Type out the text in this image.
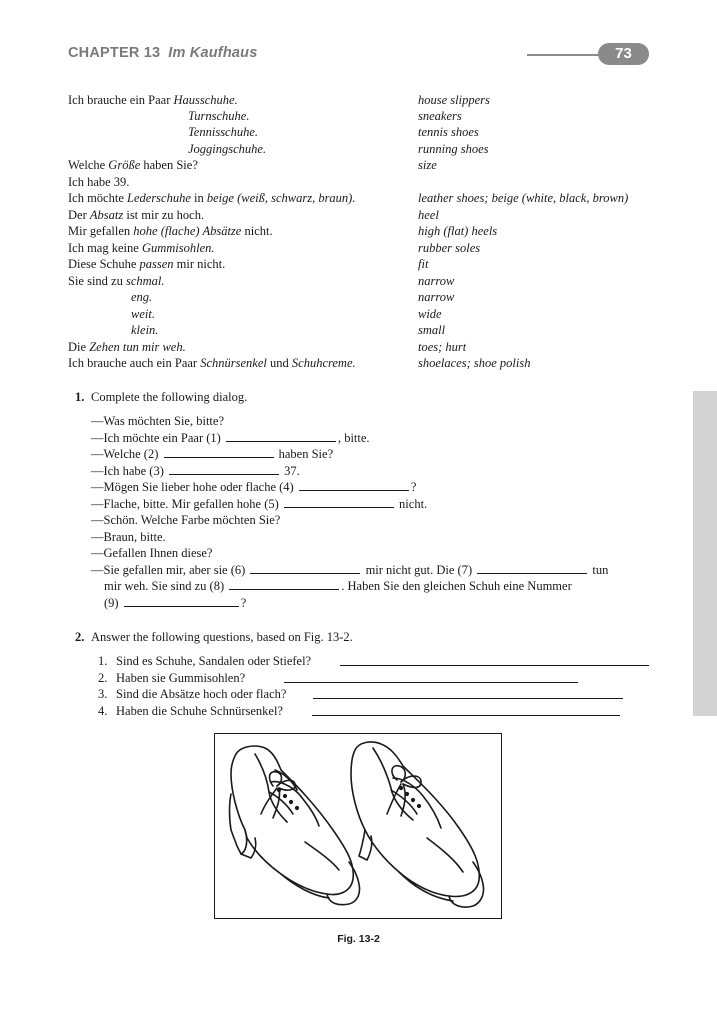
CHAPTER 13 Im Kaufhaus	73
Ich brauche ein Paar Hausschuhe.	house slippers
Turnschuhe.	sneakers
Tennisschuhe.	tennis shoes
Joggingschuhe.	running shoes
Welche Größe haben Sie?	size
Ich habe 39.
Ich möchte Lederschuhe in beige (weiß, schwarz, braun).	leather shoes; beige (white, black, brown)
Der Absatz ist mir zu hoch.	heel
Mir gefallen hohe (flache) Absätze nicht.	high (flat) heels
Ich mag keine Gummisohlen.	rubber soles
Diese Schuhe passen mir nicht.	fit
Sie sind zu schmal.	narrow
eng.	narrow
weit.	wide
klein.	small
Die Zehen tun mir weh.	toes; hurt
Ich brauche auch ein Paar Schnürsenkel und Schuhcreme.	shoelaces; shoe polish
1. Complete the following dialog.
—Was möchten Sie, bitte?
—Ich möchte ein Paar (1)	, bitte.
—Welche (2)	haben Sie?
—Ich habe (3)	37.
—Mögen Sie lieber hohe oder flache (4)	?
—Flache, bitte. Mir gefallen hohe (5)	nicht.
—Schön. Welche Farbe möchten Sie?
—Braun, bitte.
—Gefallen Ihnen diese?
—Sie gefallen mir, aber sie (6)	mir nicht gut. Die (7)	tun
mir weh. Sie sind zu (8)	. Haben Sie den gleichen Schuh eine Nummer
(9)	?
2. Answer the following questions, based on Fig. 13-2.
1. Sind es Schuhe, Sandalen oder Stiefel?
2. Haben sie Gummisohlen?
3. Sind die Absätze hoch oder flach?
4. Haben die Schuhe Schnürsenkel?
Fig. 13-2
